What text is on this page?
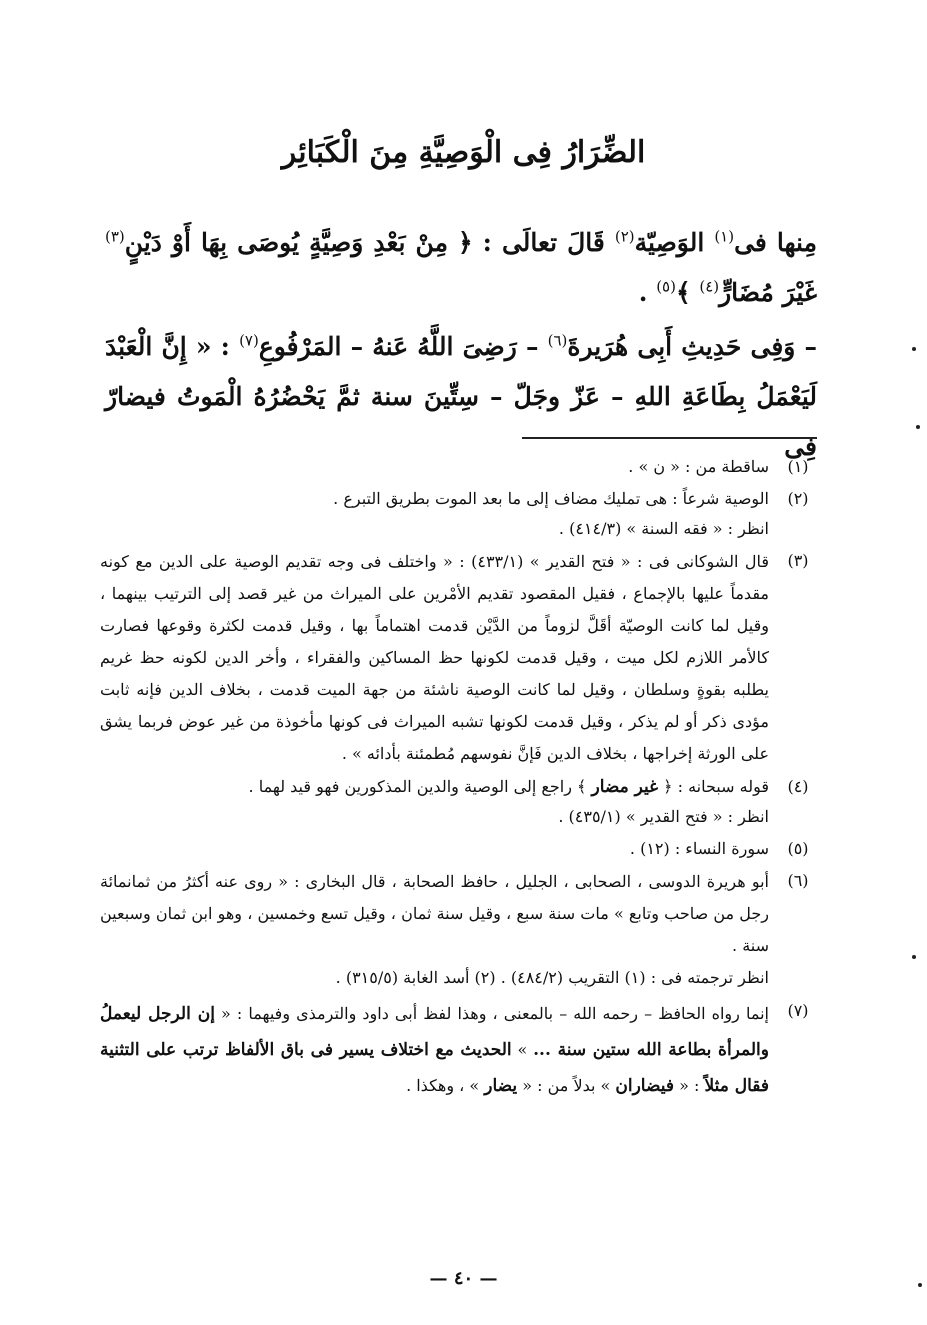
الضِّرَارُ فِى الْوَصِيَّةِ مِنَ الْكَبَائِر
مِنها فى$^{(١)}$ الوَصِيّة$^{(٢)}$ قَالَ تعالَى : ﴿ مِنْ بَعْدِ وَصِيَّةٍ يُوصَى بِهَا أَوْ دَيْنٍ$^{(٣)}$ غَيْرَ مُضَارٍّ$^{(٤)}$ ﴾$^{(٥)}$ .
– وَفِى حَدِيثِ أَبِى هُرَيرةَ$^{(٦)}$ – رَضِىَ اللَّهُ عَنهُ – المَرْفُوعِ$^{(٧)}$ : « إِنَّ الْعَبْدَ لَيَعْمَلُ بِطَاعَةِ اللهِ – عَزّ وجَلّ – سِتِّينَ سنة ثمَّ يَحْضُرُهُ الْمَوتُ فيضارّ فِى
(١)

ساقطة من : « ن » .

(٢)

الوصية شرعاً : هى تمليك مضاف إلى ما بعد الموت بطريق التبرع .

انظر : « فقه السنة » (٤١٤/٣) .

(٣)

قال الشوكانى فى : « فتح القدير » (٤٣٣/١) : « واختلف فى وجه تقديم الوصية على الدين مع كونه مقدماً عليها بالإجماع ، فقيل المقصود تقديم الأمْرين على الميراث من غير قصد إلى الترتيب بينهما ، وقيل لما كانت الوصيّة أقَلَّ لزوماً من الدَّيْن قدمت اهتماماً بها ، وقيل قدمت لكثرة وقوعها فصارت كالأمر اللازم لكل ميت ، وقيل قدمت لكونها حظ المساكين والفقراء ، وأخر الدين لكونه حظ غريم يطلبه بقوةٍ وسلطان ، وقيل لما كانت الوصية ناشئة من جهة الميت قدمت ، بخلاف الدين فإنه ثابت مؤدى ذكر أو لم يذكر ، وقيل قدمت لكونها تشبه الميراث فى كونها مأخوذة من غير عوض فربما يشق على الورثة إخراجها ، بخلاف الدين فَإنَّ نفوسهم مُطمئنة بأدائه » .

(٤)

قوله سبحانه : ﴿ غير مضار ﴾ راجع إلى الوصية والدين المذكورين فهو قيد لهما .

انظر : « فتح القدير » (٤٣٥/١) .

(٥)

سورة النساء : (١٢) .

(٦)

أبو هريرة الدوسى ، الصحابى ، الجليل ، حافظ الصحابة ، قال البخارى : « روى عنه أكثرُ من ثمانمائة رجل من صاحب وتابع » مات سنة سبع ، وقيل سنة ثمان ، وقيل تسع وخمسين ، وهو ابن ثمان وسبعين سنة .

انظر ترجمته فى : (١) التقريب (٤٨٤/٢) . (٢) أسد الغابة (٣١٥/٥) .

(٧)

إنما رواه الحافظ – رحمه الله – بالمعنى ، وهذا لفظ أبى داود والترمذى وفيهما : « إن الرجل ليعملُ والمرأة بطاعة الله ستين سنة ... » الحديث مع اختلاف يسير فى باق الألفاظ ترتب على التثنية فقال مثلاً : « فيضاران » بدلاً من : « يضار » ، وهكذا .

— ٤٠ —
